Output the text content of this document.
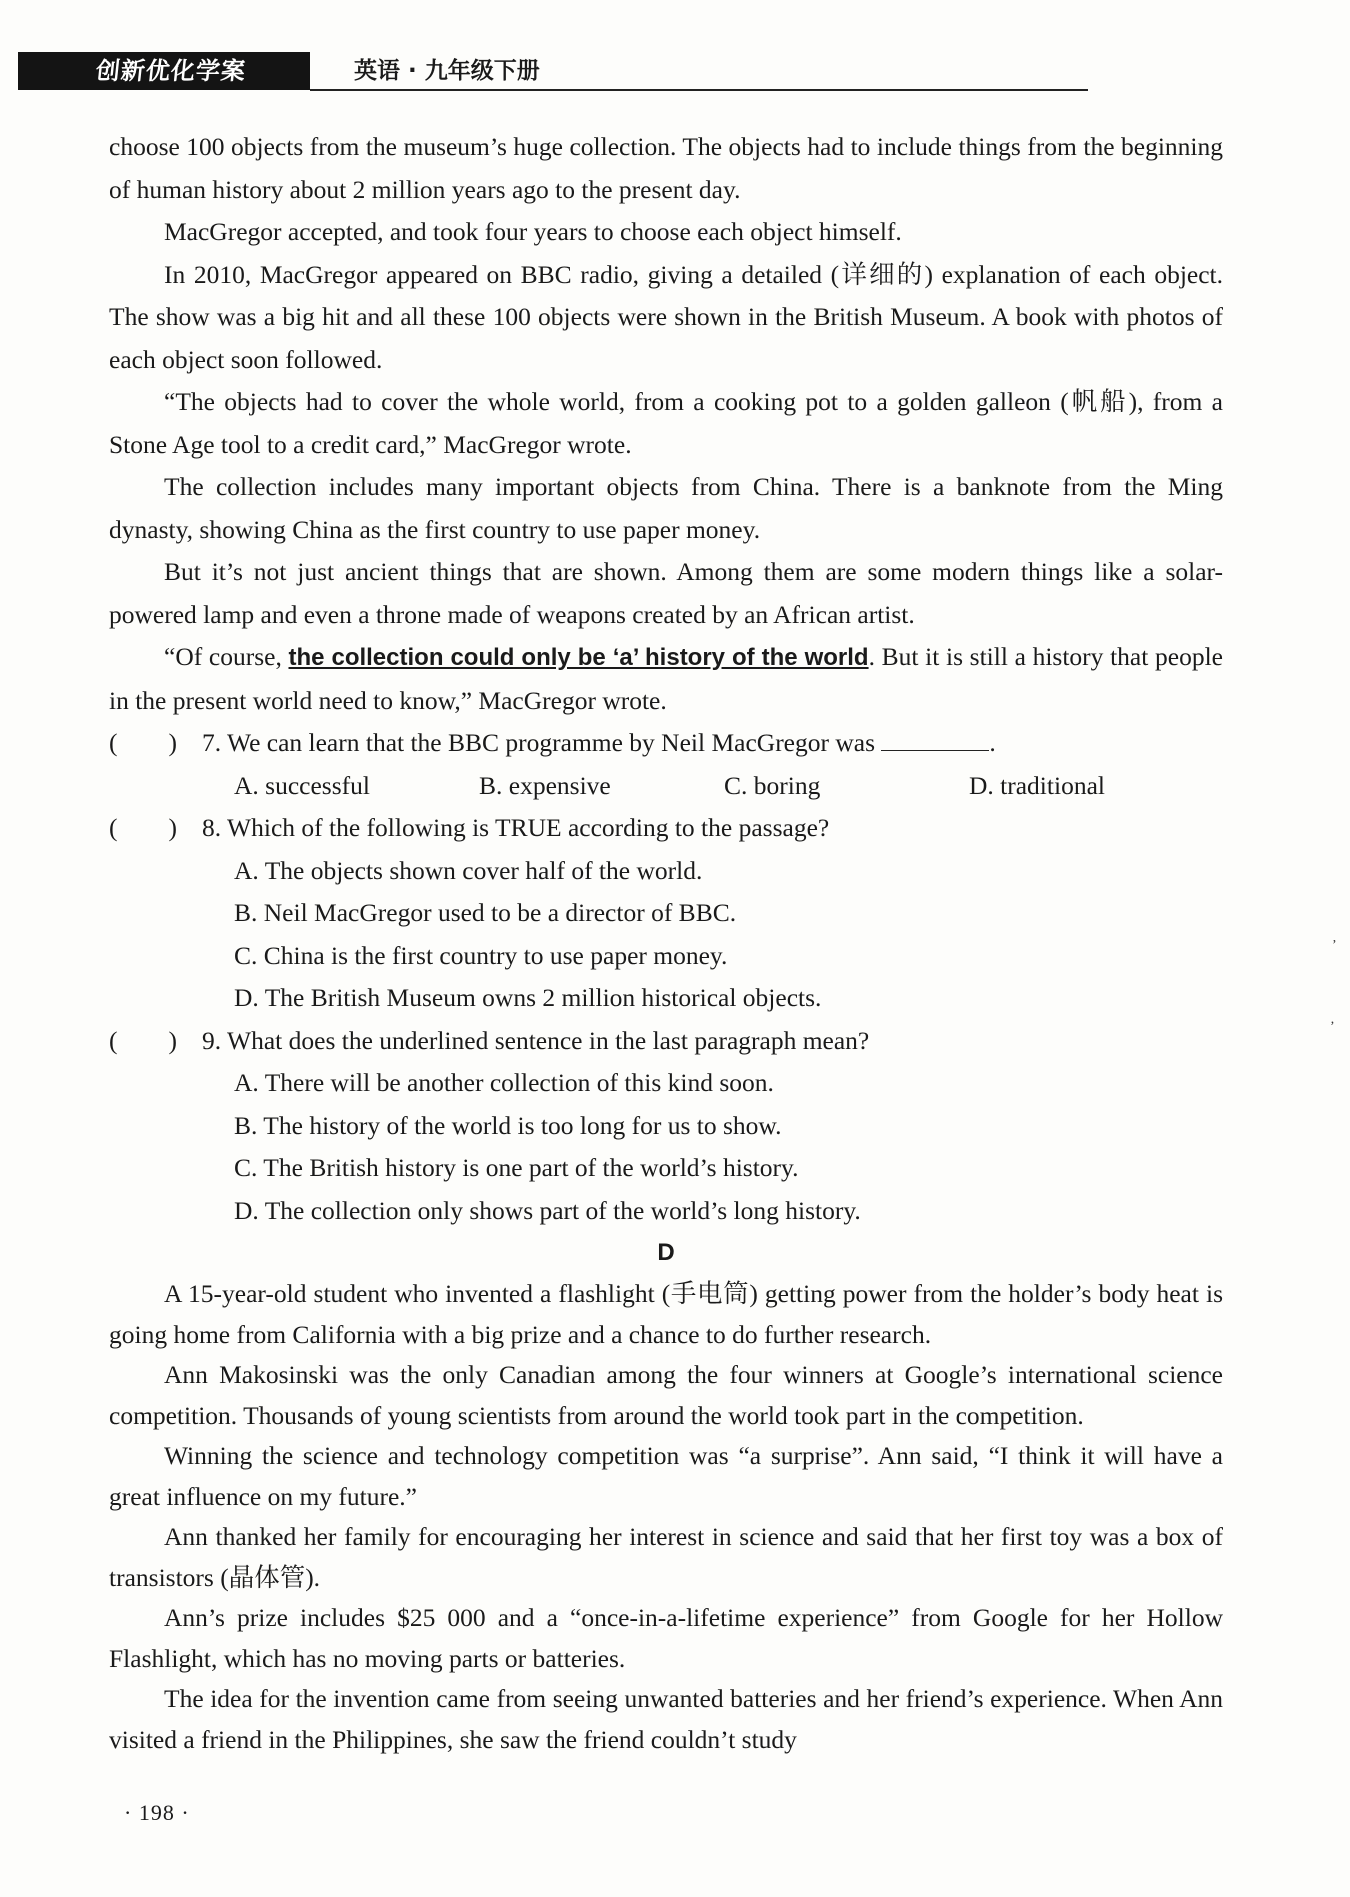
创新优化学案	英语 · 九年级下册

choose 100 objects from the museum’s huge collection. The objects had to include things from the beginning of human history about 2 million years ago to the present day.

MacGregor accepted, and took four years to choose each object himself.

In 2010, MacGregor appeared on BBC radio, giving a detailed (详细的) explanation of each object. The show was a big hit and all these 100 objects were shown in the British Museum. A book with photos of each object soon followed.

“The objects had to cover the whole world, from a cooking pot to a golden galleon (帆船), from a Stone Age tool to a credit card,” MacGregor wrote.

The collection includes many important objects from China. There is a banknote from the Ming dynasty, showing China as the first country to use paper money.

But it’s not just ancient things that are shown. Among them are some modern things like a solar-powered lamp and even a throne made of weapons created by an African artist.

“Of course, the collection could only be ‘a’ history of the world. But it is still a history that people in the present world need to know,” MacGregor wrote.

(　　) 7. We can learn that the BBC programme by Neil MacGregor was	.
A. successful	B. expensive	C. boring	D. traditional
(　　) 8. Which of the following is TRUE according to the passage?
A. The objects shown cover half of the world.
B. Neil MacGregor used to be a director of BBC.
C. China is the first country to use paper money.
D. The British Museum owns 2 million historical objects.
(　　) 9. What does the underlined sentence in the last paragraph mean?
A. There will be another collection of this kind soon.
B. The history of the world is too long for us to show.
C. The British history is one part of the world’s history.
D. The collection only shows part of the world’s long history.
D

A 15-year-old student who invented a flashlight (手电筒) getting power from the holder’s body heat is going home from California with a big prize and a chance to do further research.

Ann Makosinski was the only Canadian among the four winners at Google’s international science competition. Thousands of young scientists from around the world took part in the competition.

Winning the science and technology competition was “a surprise”. Ann said, “I think it will have a great influence on my future.”

Ann thanked her family for encouraging her interest in science and said that her first toy was a box of transistors (晶体管).

Ann’s prize includes $25 000 and a “once-in-a-lifetime experience” from Google for her Hollow Flashlight, which has no moving parts or batteries.

The idea for the invention came from seeing unwanted batteries and her friend’s experience. When Ann visited a friend in the Philippines, she saw the friend couldn’t study

· 198 ·
’
‚
